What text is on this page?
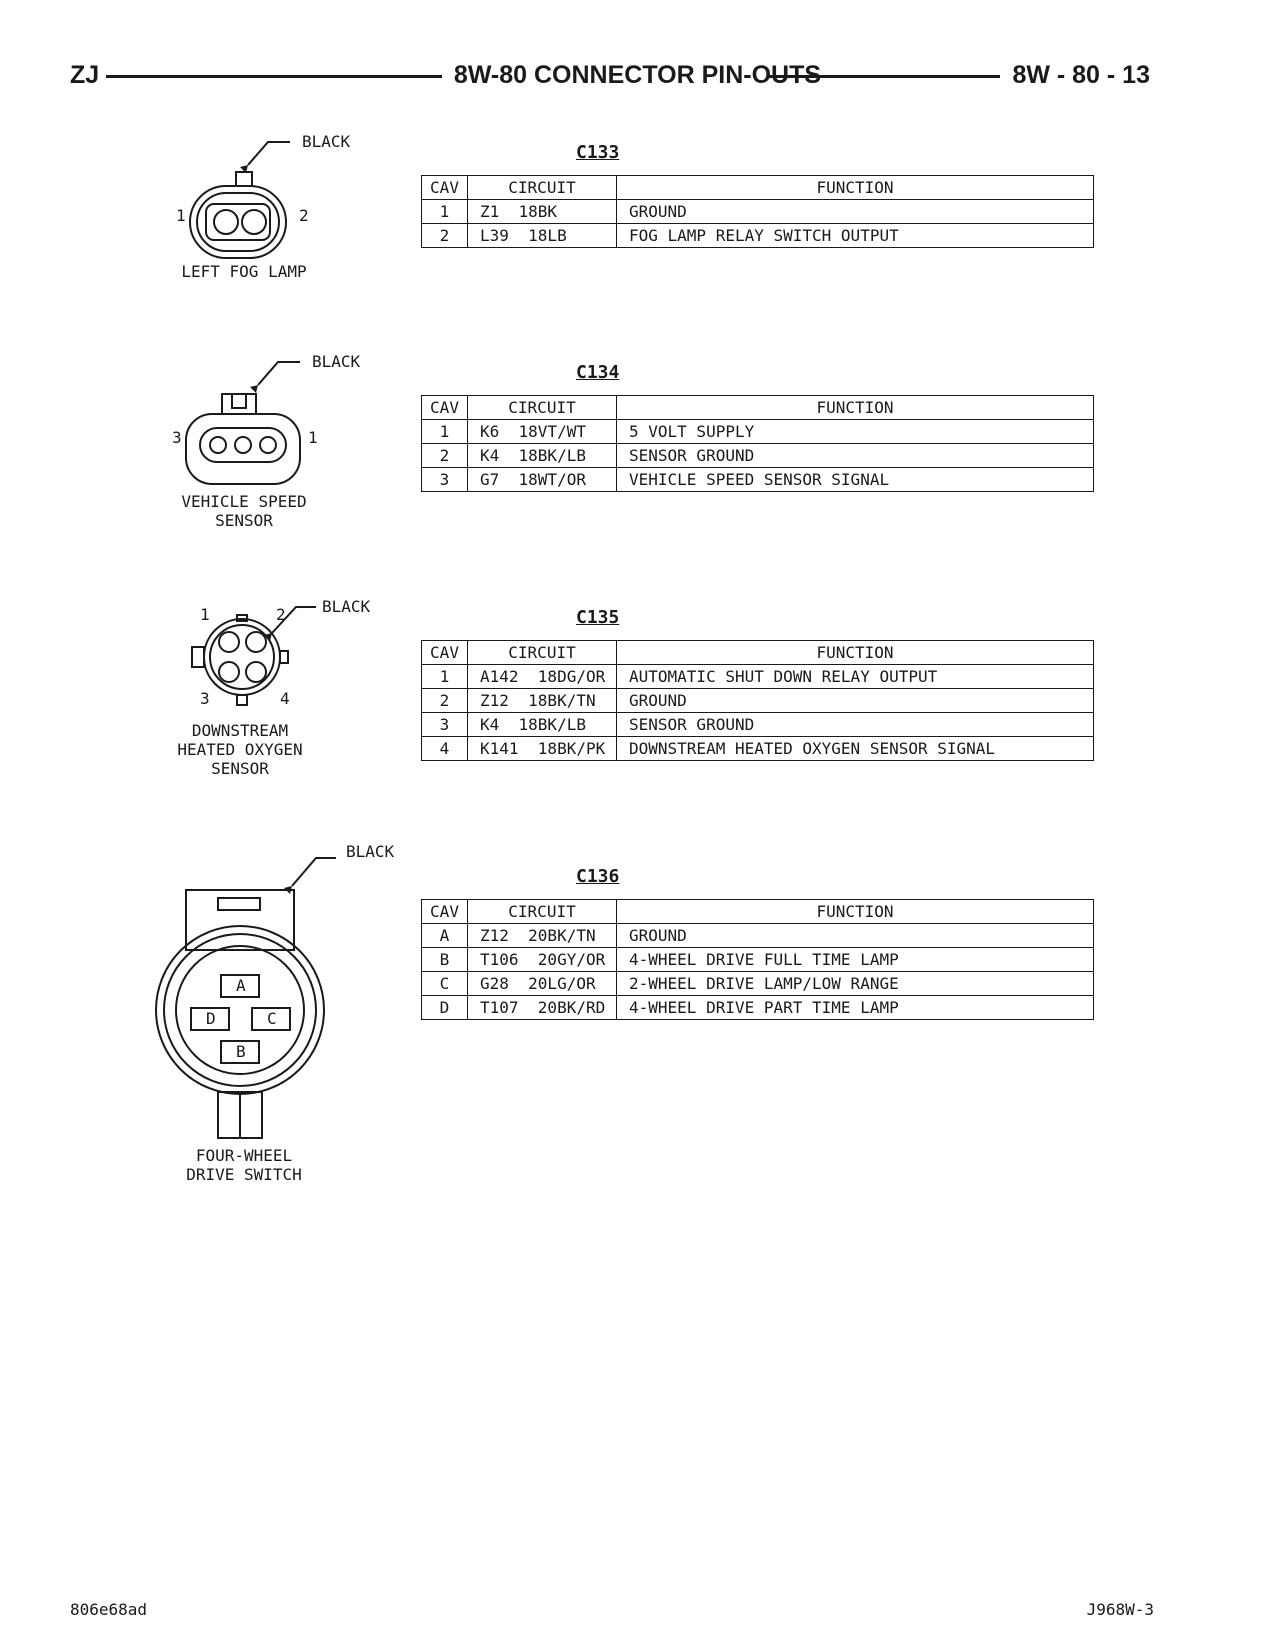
ZJ	8W-80 CONNECTOR PIN-OUTS	8W - 80 - 13
BLACK
1	2
LEFT FOG LAMP
C133
CAV	CIRCUIT	FUNCTION
1	Z1  18BK	GROUND
2	L39  18LB	FOG LAMP RELAY SWITCH OUTPUT
BLACK
3	1
VEHICLE SPEED
SENSOR
C134
CAV	CIRCUIT	FUNCTION
1	K6  18VT/WT	5 VOLT SUPPLY
2	K4  18BK/LB	SENSOR GROUND
3	G7  18WT/OR	VEHICLE SPEED SENSOR SIGNAL
BLACK
1	2
3	4
DOWNSTREAM
HEATED OXYGEN
SENSOR
C135
CAV	CIRCUIT	FUNCTION
1	A142  18DG/OR	AUTOMATIC SHUT DOWN RELAY OUTPUT
2	Z12  18BK/TN	GROUND
3	K4  18BK/LB	SENSOR GROUND
4	K141  18BK/PK	DOWNSTREAM HEATED OXYGEN SENSOR SIGNAL
BLACK
A
D	C
B
FOUR-WHEEL
DRIVE SWITCH
C136
CAV	CIRCUIT	FUNCTION
A	Z12  20BK/TN	GROUND
B	T106  20GY/OR	4-WHEEL DRIVE FULL TIME LAMP
C	G28  20LG/OR	2-WHEEL DRIVE LAMP/LOW RANGE
D	T107  20BK/RD	4-WHEEL DRIVE PART TIME LAMP
806e68ad	J968W-3
